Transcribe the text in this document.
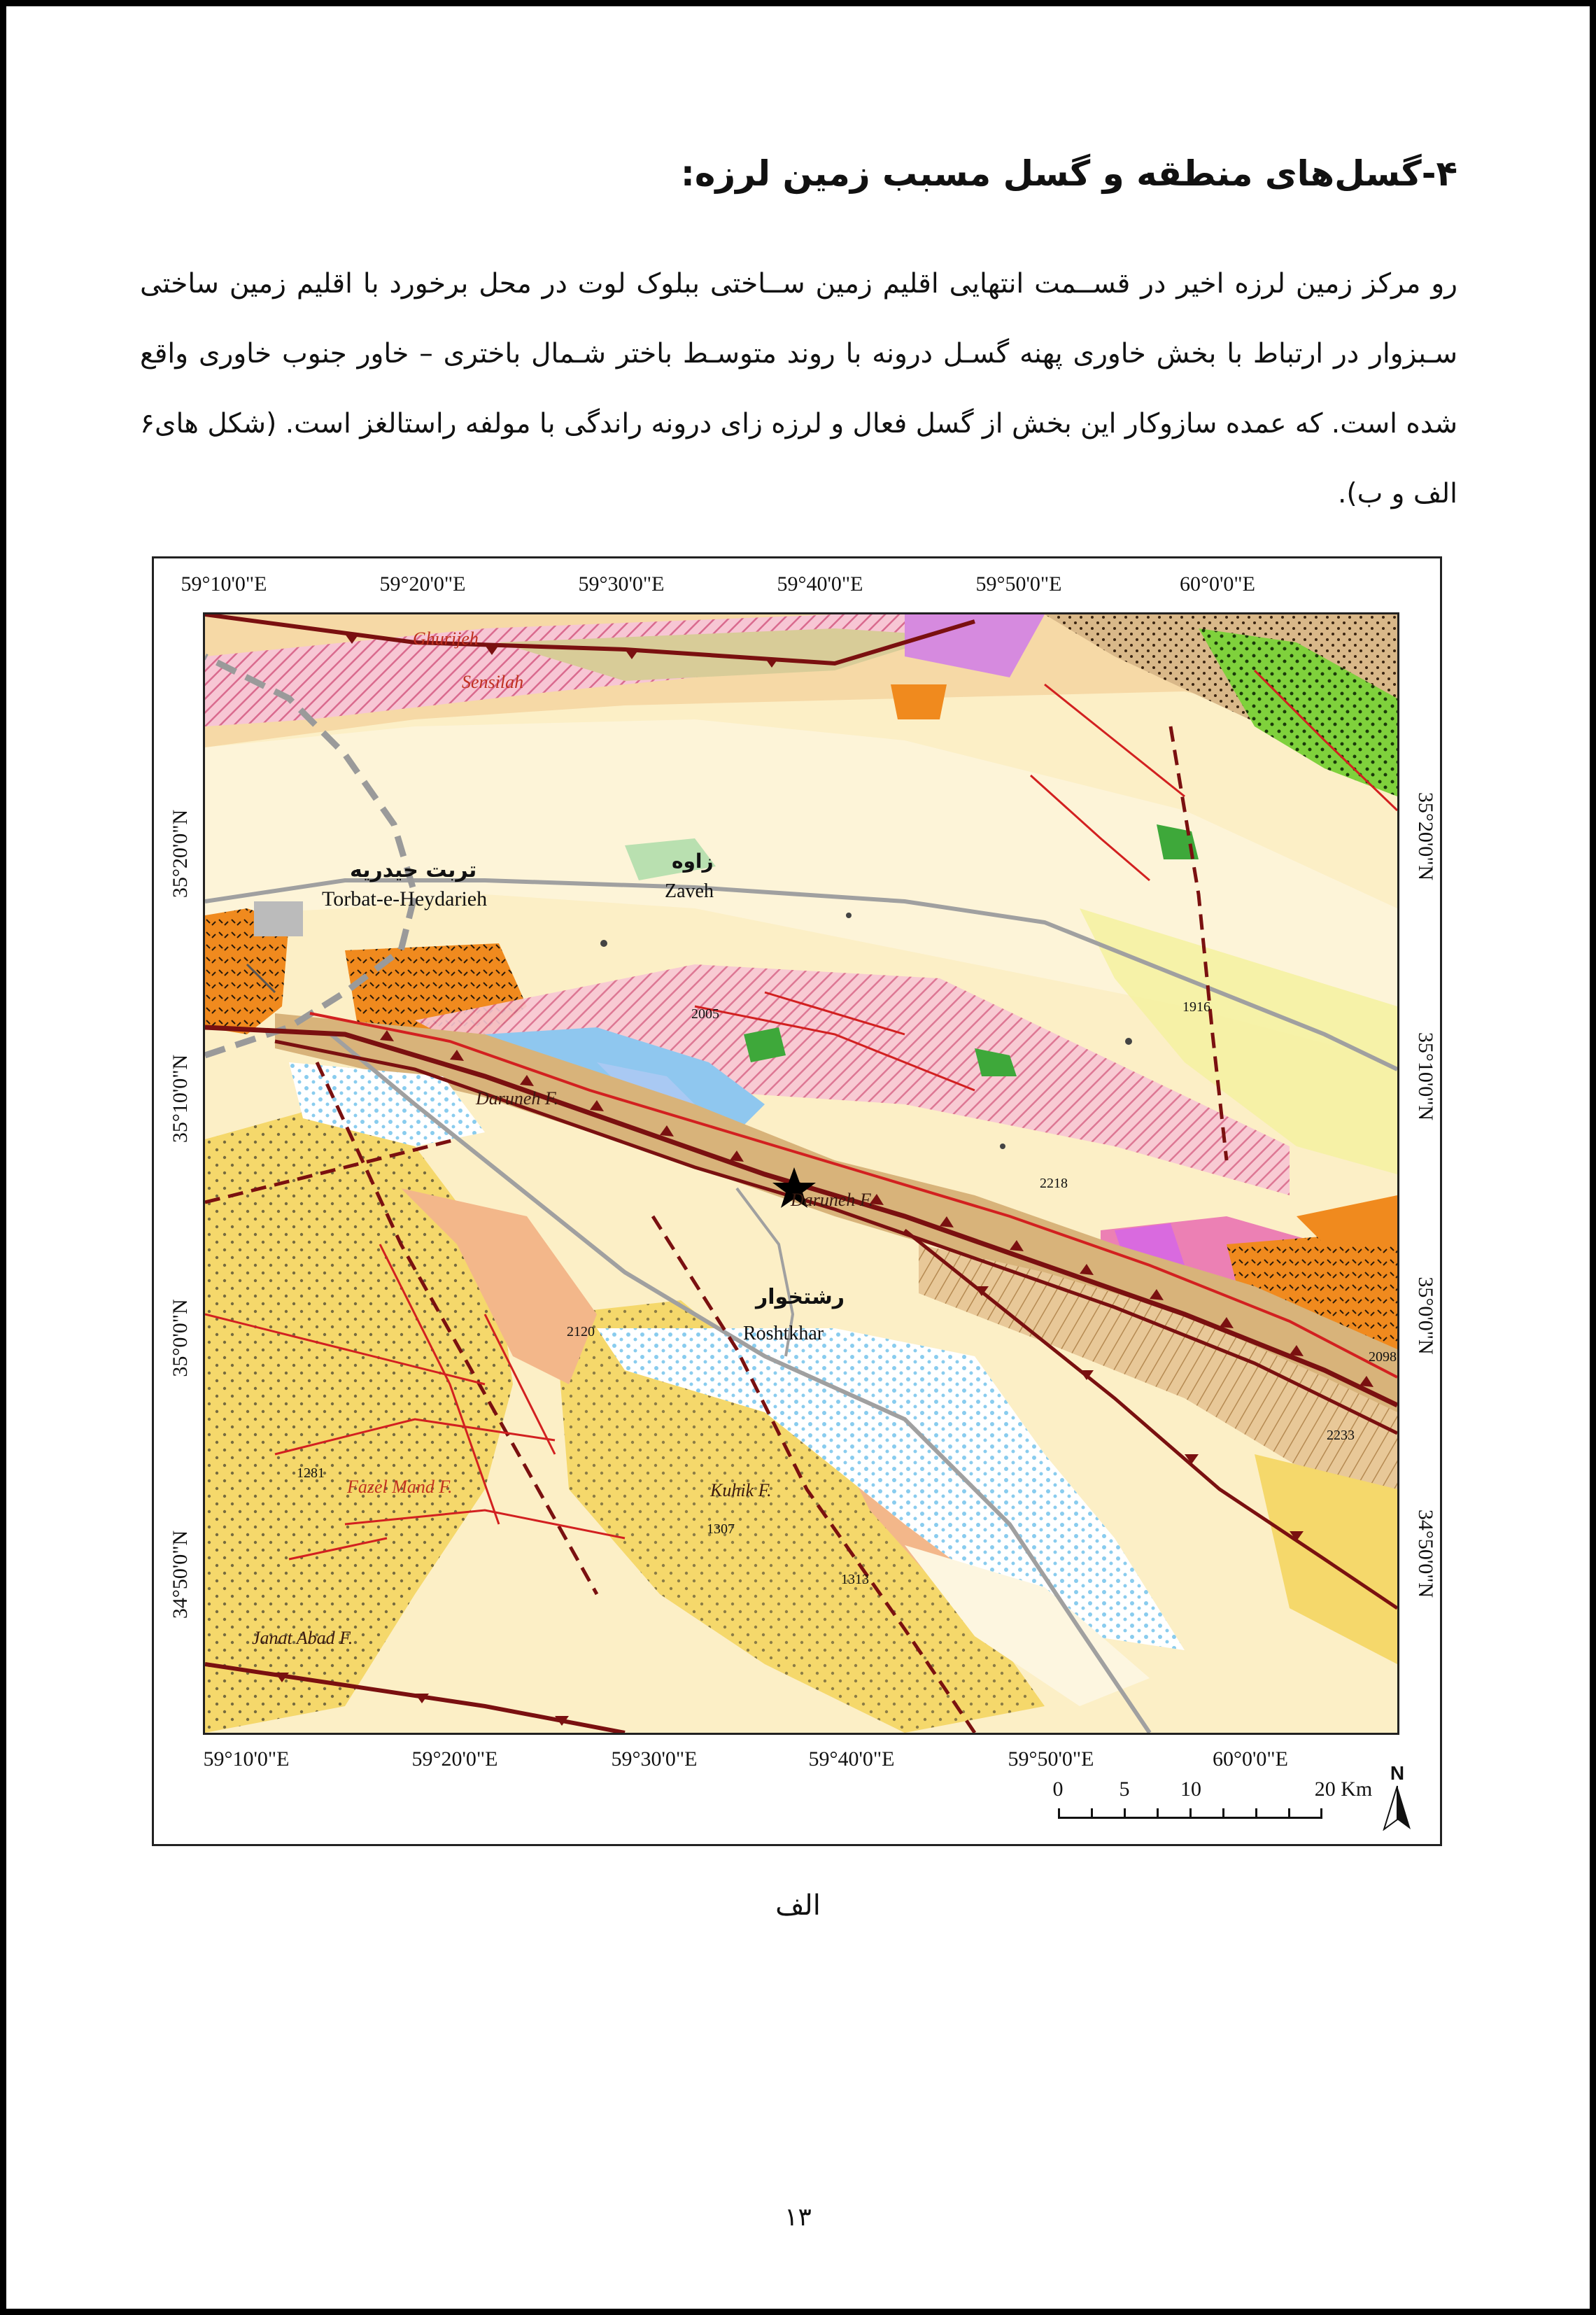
۴-گسل‌های منطقه و گسل مسبب زمین لرزه:
رو مرکز زمین لرزه اخیر در قســمت انتهایی اقلیم زمین ســاختی ببلوک لوت در محل برخورد با اقلیم زمین ساختی سـبزوار در ارتباط با بخش خاوری پهنه گسـل درونه با روند متوسـط باختر شـمال باختری – خاور جنوب خاوری واقع شده است. که عمده سازوکار این بخش از گسل فعال و لرزه زای درونه راندگی با مولفه راستالغز است. (شکل های۶ الف و ب).
59°10'0"E	59°20'0"E	59°30'0"E	59°40'0"E	59°50'0"E	60°0'0"E
59°10'0"E	59°20'0"E	59°30'0"E	59°40'0"E	59°50'0"E	60°0'0"E
35°20'0"N
35°10'0"N
35°0'0"N
34°50'0"N
35°20'0"N
35°10'0"N
35°0'0"N
34°50'0"N
تربت حیدریه
Torbat-e-Heydarieh
زاوه
Zaveh
رشتخوار
Roshtkhar
Daruneh F.
Daruneh F.
Kuhik F.
Fazel Mand F.
Janat Abad F.
Ghurijeh
Sensilah
1916
2005
2218
2120
1281
1307
1313
2233
2098
0	5 10	20 Km
N
الف
۱۳
